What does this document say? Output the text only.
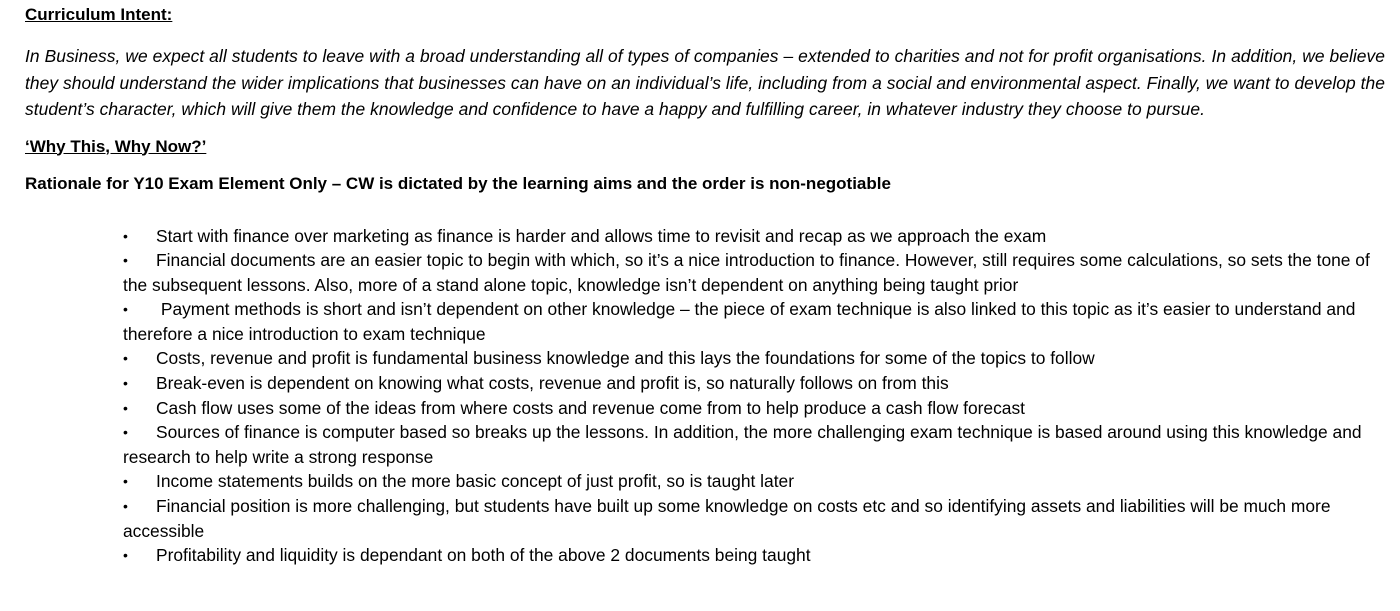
Curriculum Intent:

In Business, we expect all students to leave with a broad understanding all of types of companies – extended to charities and not for profit organisations. In addition, we believe they should understand the wider implications that businesses can have on an individual’s life, including from a social and environmental aspect. Finally, we want to develop the student’s character, which will give them the knowledge and confidence to have a happy and fulfilling career, in whatever industry they choose to pursue.

‘Why This, Why Now?’

Rationale for Y10 Exam Element Only – CW is dictated by the learning aims and the order is non-negotiable

• Start with finance over marketing as finance is harder and allows time to revisit and recap as we approach the exam
• Financial documents are an easier topic to begin with which, so it’s a nice introduction to finance. However, still requires some calculations, so sets the tone of the subsequent lessons. Also, more of a stand alone topic, knowledge isn’t dependent on anything being taught prior
• Payment methods is short and isn’t dependent on other knowledge – the piece of exam technique is also linked to this topic as it’s easier to understand and therefore a nice introduction to exam technique
• Costs, revenue and profit is fundamental business knowledge and this lays the foundations for some of the topics to follow
• Break-even is dependent on knowing what costs, revenue and profit is, so naturally follows on from this
• Cash flow uses some of the ideas from where costs and revenue come from to help produce a cash flow forecast
• Sources of finance is computer based so breaks up the lessons. In addition, the more challenging exam technique is based around using this knowledge and research to help write a strong response
• Income statements builds on the more basic concept of just profit, so is taught later
• Financial position is more challenging, but students have built up some knowledge on costs etc and so identifying assets and liabilities will be much more accessible
• Profitability and liquidity is dependant on both of the above 2 documents being taught
